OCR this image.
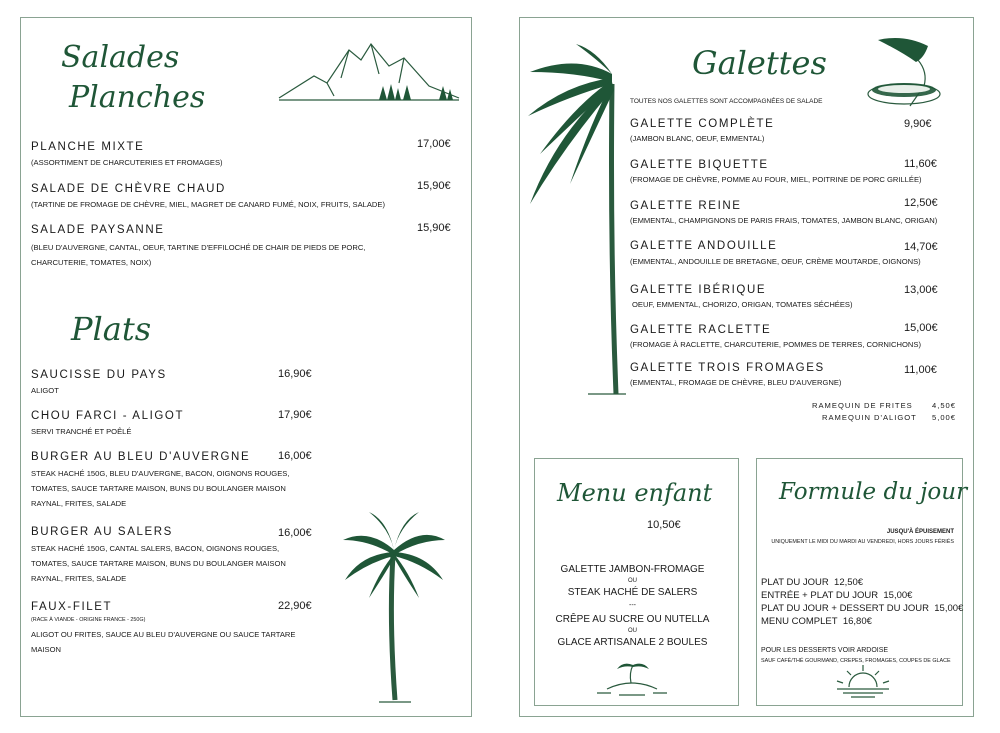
Salades
Planches
PLANCHE MIXTE
(ASSORTIMENT DE CHARCUTERIES ET FROMAGES)
17,00€
SALADE DE CHÈVRE CHAUD
(TARTINE DE FROMAGE DE CHÈVRE, MIEL, MAGRET DE CANARD FUMÉ, NOIX, FRUITS, SALADE)
15,90€
SALADE PAYSANNE
(BLEU D'AUVERGNE, CANTAL, OEUF, TARTINE D'EFFILOCHÉ DE CHAIR DE PIEDS DE PORC,
CHARCUTERIE, TOMATES, NOIX)
15,90€
Plats
SAUCISSE DU PAYS
ALIGOT
16,90€
CHOU FARCI - ALIGOT
SERVI TRANCHÉ ET POÊLÉ
17,90€
BURGER AU BLEU D'AUVERGNE
STEAK HACHÉ 150G, BLEU D'AUVERGNE, BACON, OIGNONS ROUGES,
TOMATES, SAUCE TARTARE MAISON, BUNS DU BOULANGER MAISON
RAYNAL, FRITES, SALADE
16,00€
BURGER AU SALERS
STEAK HACHÉ 150G, CANTAL SALERS, BACON, OIGNONS ROUGES,
TOMATES, SAUCE TARTARE MAISON, BUNS DU BOULANGER MAISON
RAYNAL, FRITES, SALADE
16,00€
FAUX-FILET
(RACE À VIANDE - ORIGINE FRANCE - 250G)
ALIGOT OU FRITES, SAUCE AU BLEU D'AUVERGNE OU SAUCE TARTARE
MAISON
22,90€
Galettes
TOUTES NOS GALETTES SONT ACCOMPAGNÉES DE SALADE
GALETTE COMPLÈTE
(JAMBON BLANC, OEUF, EMMENTAL)
9,90€
GALETTE BIQUETTE
(FROMAGE DE CHÈVRE, POMME AU FOUR, MIEL, POITRINE DE PORC GRILLÉE)
11,60€
GALETTE REINE
(EMMENTAL, CHAMPIGNONS DE PARIS FRAIS, TOMATES, JAMBON BLANC, ORIGAN)
12,50€
GALETTE ANDOUILLE
(EMMENTAL, ANDOUILLE DE BRETAGNE, OEUF, CRÈME MOUTARDE, OIGNONS)
14,70€
GALETTE IBÉRIQUE
OEUF, EMMENTAL, CHORIZO, ORIGAN, TOMATES SÉCHÉES)
13,00€
GALETTE RACLETTE
(FROMAGE À RACLETTE, CHARCUTERIE, POMMES DE TERRES, CORNICHONS)
15,00€
GALETTE TROIS FROMAGES
(EMMENTAL, FROMAGE DE CHÈVRE, BLEU D'AUVERGNE)
11,00€
RAMEQUIN DE FRITES	4,50€
RAMEQUIN D'ALIGOT 5,00€
Menu enfant
10,50€
GALETTE JAMBON-FROMAGE
OU
STEAK HACHÉ DE SALERS
---
CRÊPE AU SUCRE OU NUTELLA
OU
GLACE ARTISANALE 2 BOULES
Formule du jour
JUSQU'À ÉPUISEMENT
UNIQUEMENT LE MIDI DU MARDI AU VENDREDI, HORS JOURS FÉRIÉS
PLAT DU JOUR 12,50€
ENTRÉE + PLAT DU JOUR 15,00€
PLAT DU JOUR + DESSERT DU JOUR 15,00€
MENU COMPLET 16,80€
POUR LES DESSERTS VOIR ARDOISE
SAUF CAFÉ/THÉ GOURMAND, CREPES, FROMAGES, COUPES DE GLACE
